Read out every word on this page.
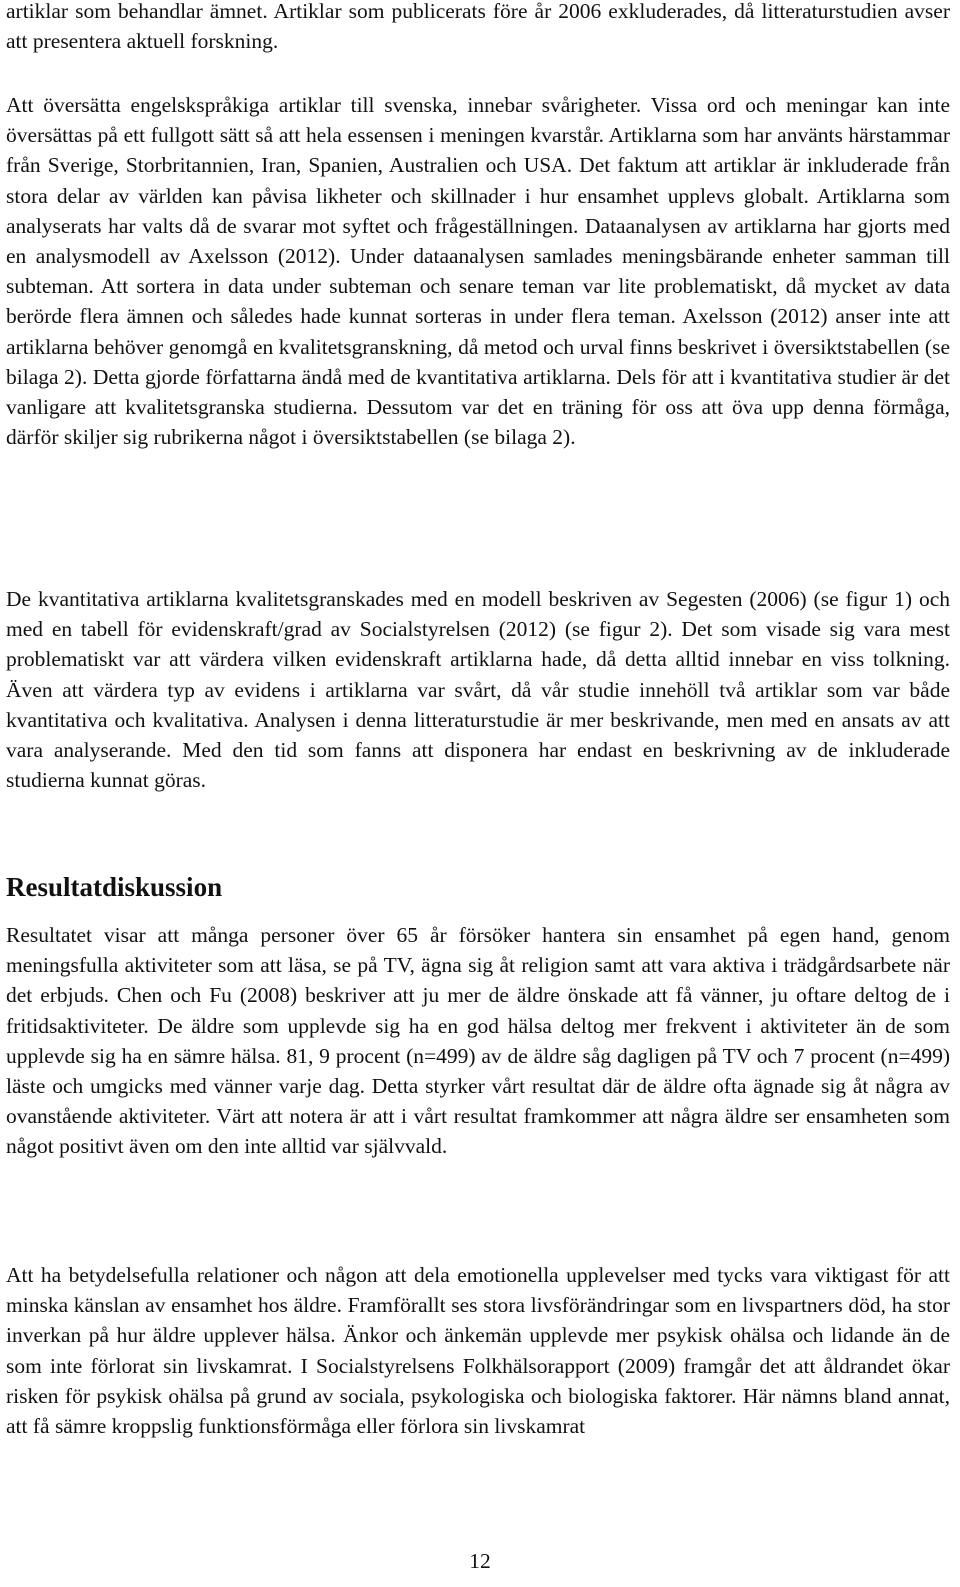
artiklar som behandlar ämnet. Artiklar som publicerats före år 2006 exkluderades, då litteraturstudien avser att presentera aktuell forskning.

Att översätta engelskspråkiga artiklar till svenska, innebar svårigheter. Vissa ord och meningar kan inte översättas på ett fullgott sätt så att hela essensen i meningen kvarstår. Artiklarna som har använts härstammar från Sverige, Storbritannien, Iran, Spanien, Australien och USA. Det faktum att artiklar är inkluderade från stora delar av världen kan påvisa likheter och skillnader i hur ensamhet upplevs globalt. Artiklarna som analyserats har valts då de svarar mot syftet och frågeställningen. Dataanalysen av artiklarna har gjorts med en analysmodell av Axelsson (2012). Under dataanalysen samlades meningsbärande enheter samman till subteman. Att sortera in data under subteman och senare teman var lite problematiskt, då mycket av data berörde flera ämnen och således hade kunnat sorteras in under flera teman. Axelsson (2012) anser inte att artiklarna behöver genomgå en kvalitetsgranskning, då metod och urval finns beskrivet i översiktstabellen (se bilaga 2). Detta gjorde författarna ändå med de kvantitativa artiklarna. Dels för att i kvantitativa studier är det vanligare att kvalitetsgranska studierna. Dessutom var det en träning för oss att öva upp denna förmåga, därför skiljer sig rubrikerna något i översiktstabellen (se bilaga 2).

De kvantitativa artiklarna kvalitetsgranskades med en modell beskriven av Segesten (2006) (se figur 1) och med en tabell för evidenskraft/grad av Socialstyrelsen (2012) (se figur 2). Det som visade sig vara mest problematiskt var att värdera vilken evidenskraft artiklarna hade, då detta alltid innebar en viss tolkning. Även att värdera typ av evidens i artiklarna var svårt, då vår studie innehöll två artiklar som var både kvantitativa och kvalitativa. Analysen i denna litteraturstudie är mer beskrivande, men med en ansats av att vara analyserande. Med den tid som fanns att disponera har endast en beskrivning av de inkluderade studierna kunnat göras.

Resultatdiskussion

Resultatet visar att många personer över 65 år försöker hantera sin ensamhet på egen hand, genom meningsfulla aktiviteter som att läsa, se på TV, ägna sig åt religion samt att vara aktiva i trädgårdsarbete när det erbjuds. Chen och Fu (2008) beskriver att ju mer de äldre önskade att få vänner, ju oftare deltog de i fritidsaktiviteter. De äldre som upplevde sig ha en god hälsa deltog mer frekvent i aktiviteter än de som upplevde sig ha en sämre hälsa. 81, 9 procent (n=499) av de äldre såg dagligen på TV och 7 procent (n=499) läste och umgicks med vänner varje dag. Detta styrker vårt resultat där de äldre ofta ägnade sig åt några av ovanstående aktiviteter. Värt att notera är att i vårt resultat framkommer att några äldre ser ensamheten som något positivt även om den inte alltid var självvald.

Att ha betydelsefulla relationer och någon att dela emotionella upplevelser med tycks vara viktigast för att minska känslan av ensamhet hos äldre. Framförallt ses stora livsförändringar som en livspartners död, ha stor inverkan på hur äldre upplever hälsa. Änkor och änkemän upplevde mer psykisk ohälsa och lidande än de som inte förlorat sin livskamrat. I Socialstyrelsens Folkhälsorapport (2009) framgår det att åldrandet ökar risken för psykisk ohälsa på grund av sociala, psykologiska och biologiska faktorer. Här nämns bland annat, att få sämre kroppslig funktionsförmåga eller förlora sin livskamrat

12
